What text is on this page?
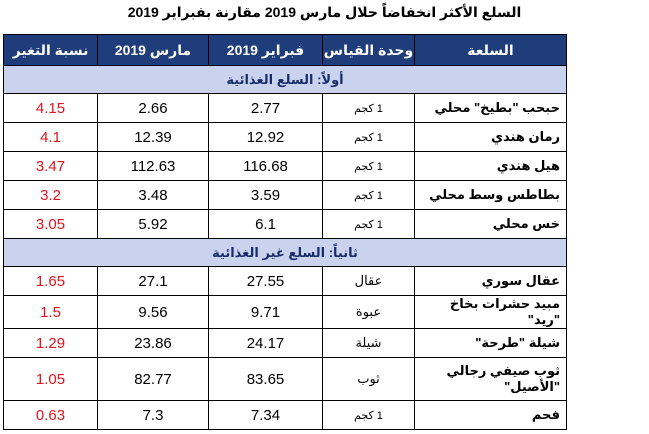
السلع الأكثر انخفاضاً حلال مارس 2019 مقارنة بفبراير 2019
السلعة	وحدة القياس	فبراير 2019	مارس 2019	نسبة التغير
أولاً: السلع الغذائية				
حبحب "بطيخ" محلي	1 كجم	2.77	2.66	4.15
رمان هندي	1 كجم	12.92	12.39	4.1
هيل هندي	1 كجم	116.68	112.63	3.47
بطاطس وسط محلي	1 كجم	3.59	3.48	3.2
خس محلي	1 كجم	6.1	5.92	3.05
ثانياً: السلع غير الغذائية				
عقال سوري	عقال	27.55	27.1	1.65
مبيد حشرات بخاخ "ريد"	عبوة	9.71	9.56	1.5
شيلة "طرحة"	شيلة	24.17	23.86	1.29
ثوب صيفي رجالي "الأصيل"	ثوب	83.65	82.77	1.05
فحم	1 كجم	7.34	7.3	0.63
